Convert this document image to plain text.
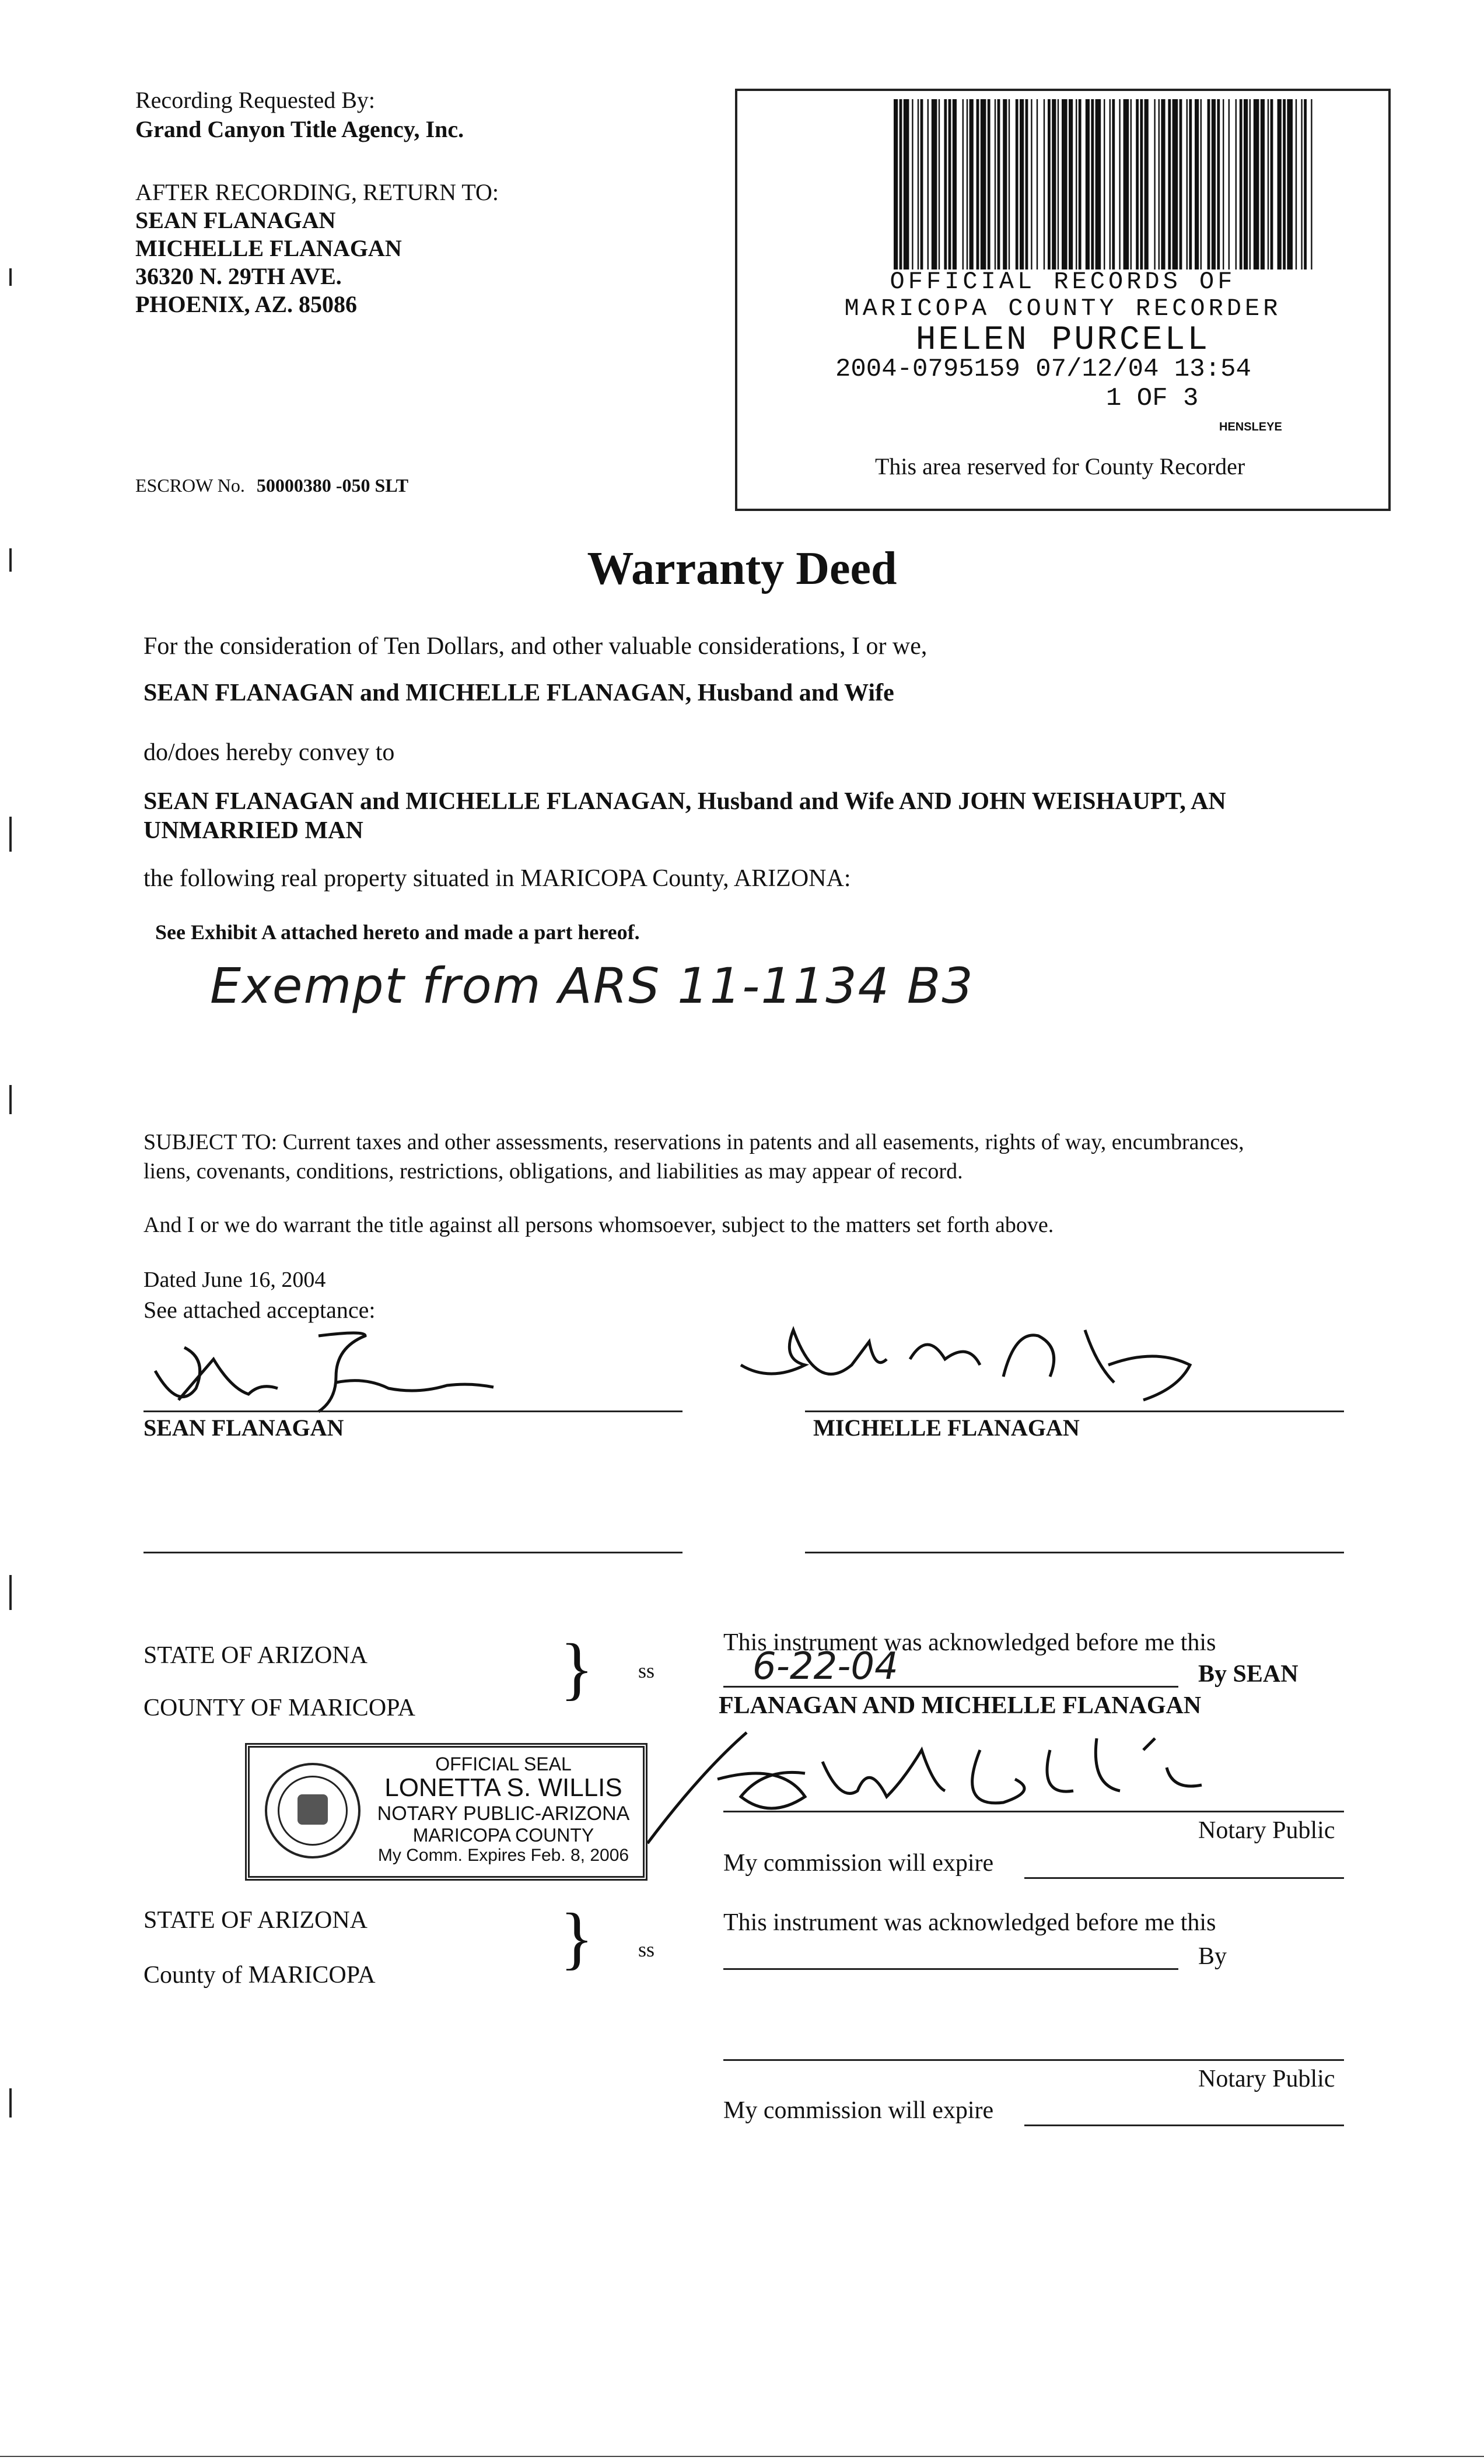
Recording Requested By:
Grand Canyon Title Agency, Inc.
AFTER RECORDING, RETURN TO:
SEAN FLANAGAN
MICHELLE FLANAGAN
36320 N. 29TH AVE.
PHOENIX, AZ. 85086
ESCROW No. 50000380 -050 SLT
OFFICIAL RECORDS OF
MARICOPA COUNTY RECORDER
HELEN PURCELL
2004-0795159 07/12/04 13:54
1 OF 3
HENSLEYE
This area reserved for County Recorder
Warranty Deed
For the consideration of Ten Dollars, and other valuable considerations, I or we,
SEAN FLANAGAN and MICHELLE FLANAGAN, Husband and Wife
do/does hereby convey to
SEAN FLANAGAN and MICHELLE FLANAGAN, Husband and Wife AND JOHN WEISHAUPT, AN
UNMARRIED MAN
the following real property situated in MARICOPA County, ARIZONA:
See Exhibit A attached hereto and made a part hereof.
Exempt from ARS 11-1134 B3
SUBJECT TO: Current taxes and other assessments, reservations in patents and all easements, rights of way, encumbrances,
liens, covenants, conditions, restrictions, obligations, and liabilities as may appear of record.
And I or we do warrant the title against all persons whomsoever, subject to the matters set forth above.
Dated June 16, 2004
See attached acceptance:
SEAN FLANAGAN	MICHELLE FLANAGAN
STATE OF ARIZONA
COUNTY OF MARICOPA
} ss
This instrument was acknowledged before me this
6-22-04	By SEAN
FLANAGAN AND MICHELLE FLANAGAN
Notary Public
My commission will expire
OFFICIAL SEAL
LONETTA S. WILLIS
NOTARY PUBLIC-ARIZONA
MARICOPA COUNTY
My Comm. Expires Feb. 8, 2006
STATE OF ARIZONA
County of MARICOPA	} ss
This instrument was acknowledged before me this
By
Notary Public
My commission will expire
